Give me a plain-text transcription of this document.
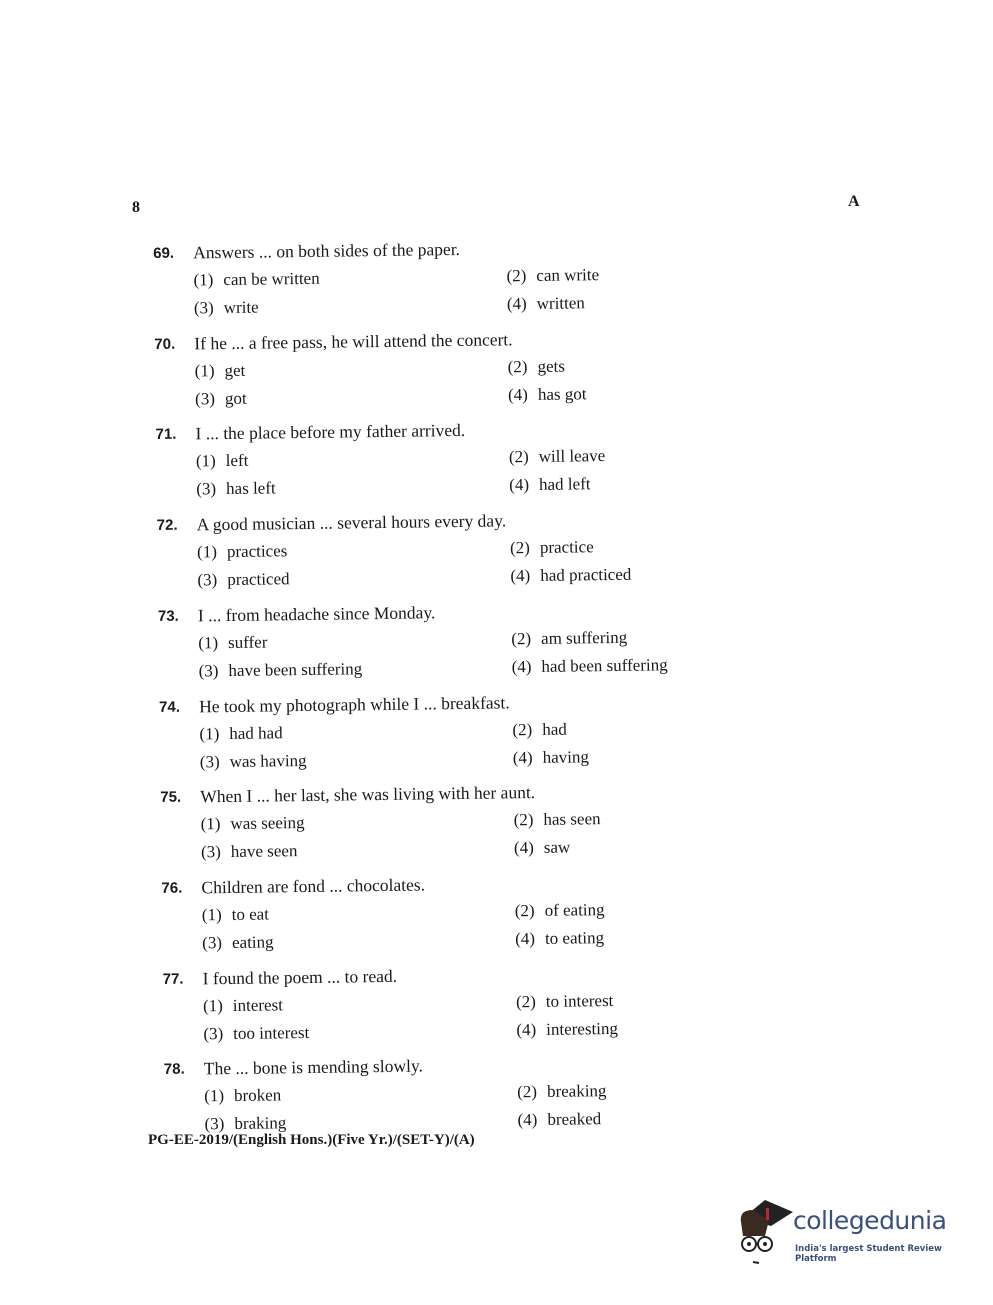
8	A
69. Answers ... on both sides of the paper.
(1) can be written	(2) can write
(3) write	(4) written
70. If he ... a free pass, he will attend the concert.
(1) get	(2) gets
(3) got	(4) has got
71. I ... the place before my father arrived.
(1) left	(2) will leave
(3) has left	(4) had left
72. A good musician ... several hours every day.
(1) practices	(2) practice
(3) practiced	(4) had practiced
73. I ... from headache since Monday.
(1) suffer	(2) am suffering
(3) have been suffering	(4) had been suffering
74. He took my photograph while I ... breakfast.
(1) had had	(2) had
(3) was having	(4) having
75. When I ... her last, she was living with her aunt.
(1) was seeing	(2) has seen
(3) have seen	(4) saw
76. Children are fond ... chocolates.
(1) to eat	(2) of eating
(3) eating	(4) to eating
77. I found the poem ... to read.
(1) interest	(2) to interest
(3) too interest	(4) interesting
78. The ... bone is mending slowly.
(1) broken	(2) breaking
(3) braking	(4) breaked
PG-EE-2019/(English Hons.)(Five Yr.)/(SET-Y)/(A)
collegedunia
India's largest Student Review Platform
